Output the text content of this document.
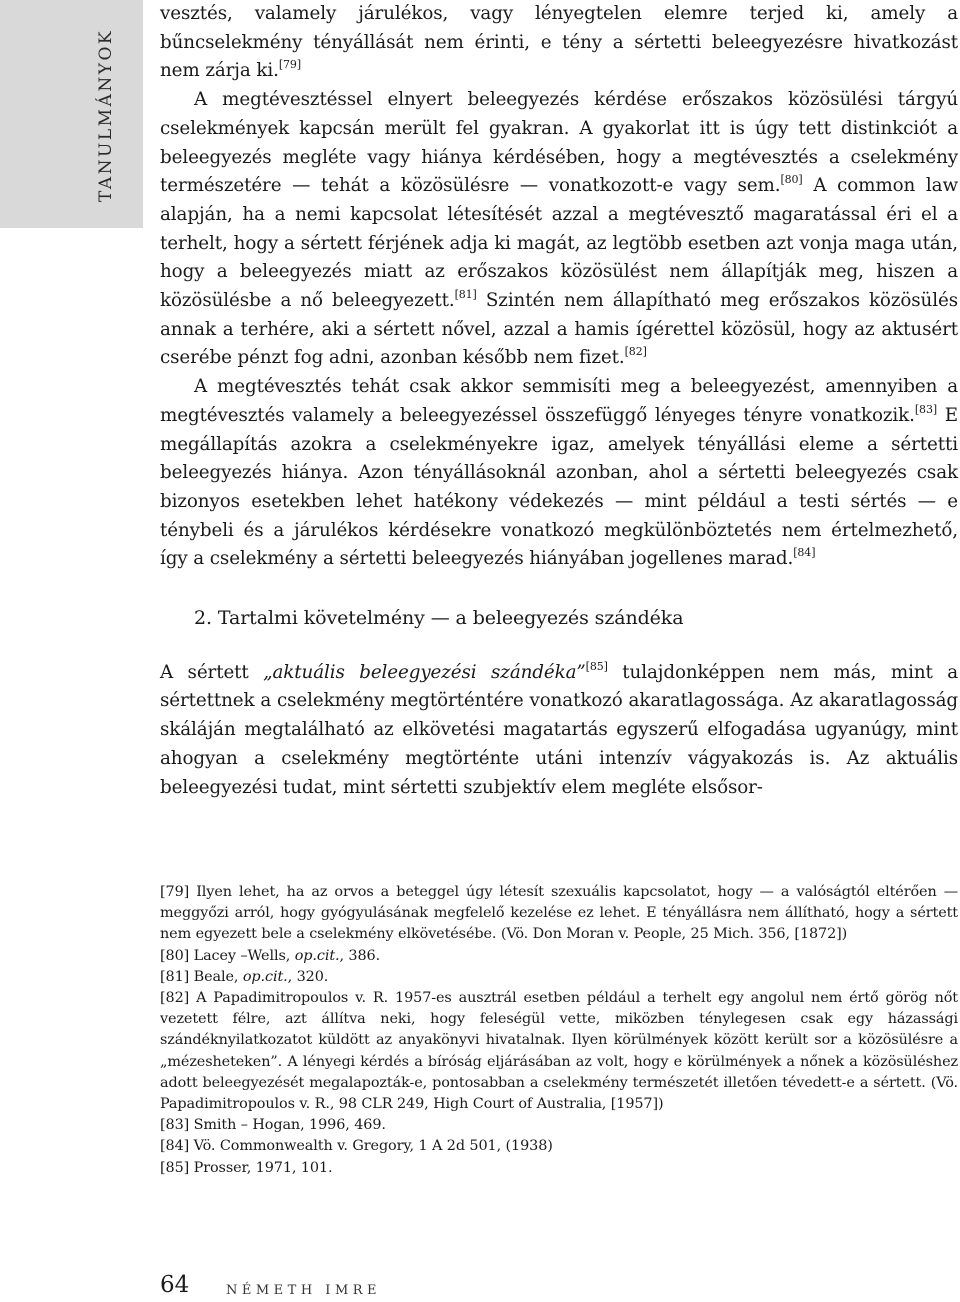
TANULMÁNYOK

vesztés, valamely járulékos, vagy lényegtelen elemre terjed ki, amely a bűncselekmény tényállását nem érinti, e tény a sértetti beleegyezésre hivatkozást nem zárja ki.[79]

A megtévesztéssel elnyert beleegyezés kérdése erőszakos közösülési tárgyú cselekmények kapcsán merült fel gyakran. A gyakorlat itt is úgy tett distinkciót a beleegyezés megléte vagy hiánya kérdésében, hogy a megtévesztés a cselekmény természetére — tehát a közösülésre — vonatkozott-e vagy sem.[80] A common law alapján, ha a nemi kapcsolat létesítését azzal a megtévesztő magaratással éri el a terhelt, hogy a sértett férjének adja ki magát, az legtöbb esetben azt vonja maga után, hogy a beleegyezés miatt az erőszakos közösülést nem állapítják meg, hiszen a közösülésbe a nő beleegyezett.[81] Szintén nem állapítható meg erőszakos közösülés annak a terhére, aki a sértett nővel, azzal a hamis ígérettel közösül, hogy az aktusért cserébe pénzt fog adni, azonban később nem fizet.[82]

A megtévesztés tehát csak akkor semmisíti meg a beleegyezést, amennyiben a megtévesztés valamely a beleegyezéssel összefüggő lényeges tényre vonatkozik.[83] E megállapítás azokra a cselekményekre igaz, amelyek tényállási eleme a sértetti beleegyezés hiánya. Azon tényállásoknál azonban, ahol a sértetti beleegyezés csak bizonyos esetekben lehet hatékony védekezés — mint például a testi sértés — e ténybeli és a járulékos kérdésekre vonatkozó megkülönböztetés nem értelmezhető, így a cselekmény a sértetti beleegyezés hiányában jogellenes marad.[84]

2. Tartalmi követelmény — a beleegyezés szándéka

A sértett „aktuális beleegyezési szándéka”[85] tulajdonképpen nem más, mint a sértettnek a cselekmény megtörténtére vonatkozó akaratlagossága. Az akaratlagosság skáláján megtalálható az elkövetési magatartás egyszerű elfogadása ugyanúgy, mint ahogyan a cselekmény megtörténte utáni intenzív vágyakozás is. Az aktuális beleegyezési tudat, mint sértetti szubjektív elem megléte elsősor-

[79] Ilyen lehet, ha az orvos a beteggel úgy létesít szexuális kapcsolatot, hogy — a valóságtól eltérően — meggyőzi arról, hogy gyógyulásának megfelelő kezelése ez lehet. E tényállásra nem állítható, hogy a sértett nem egyezett bele a cselekmény elkövetésébe. (Vö. Don Moran v. People, 25 Mich. 356, [1872])

[80] Lacey –Wells, op.cit., 386.

[81] Beale, op.cit., 320.

[82] A Papadimitropoulos v. R. 1957-es ausztrál esetben például a terhelt egy angolul nem értő görög nőt vezetett félre, azt állítva neki, hogy feleségül vette, miközben ténylegesen csak egy házassági szándéknyilatkozatot küldött az anyakönyvi hivatalnak. Ilyen körülmények között került sor a közösülésre a „mézesheteken”. A lényegi kérdés a bíróság eljárásában az volt, hogy e körülmények a nőnek a közösüléshez adott beleegyezését megalapozták-e, pontosabban a cselekmény természetét illetően tévedett-e a sértett. (Vö. Papadimitropoulos v. R., 98 CLR 249, High Court of Australia, [1957])

[83] Smith – Hogan, 1996, 469.

[84] Vö. Commonwealth v. Gregory, 1 A 2d 501, (1938)

[85] Prosser, 1971, 101.

64	NÉMETH IMRE
